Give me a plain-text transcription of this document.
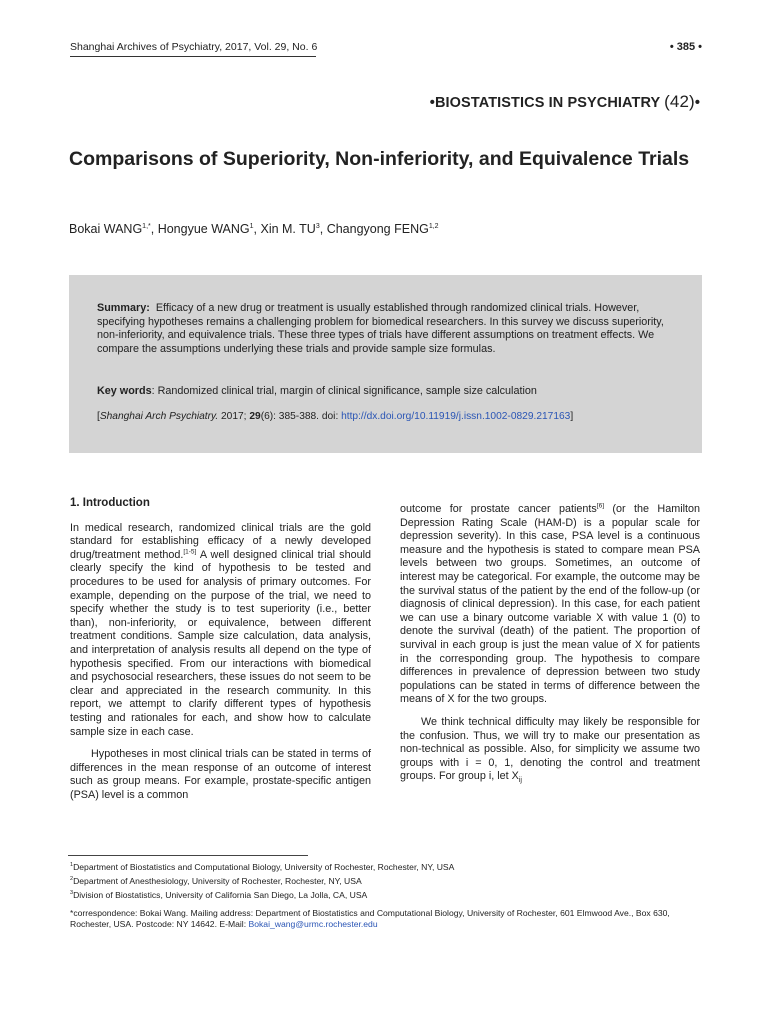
Shanghai Archives of Psychiatry, 2017, Vol. 29, No. 6	• 385 •
•BIOSTATISTICS IN PSYCHIATRY (42)•
Comparisons of Superiority, Non-inferiority, and Equivalence Trials
Bokai $WANG^{1,*}$, Hongyue WANG$^1$, Xin M. $TU^3$, Changyong FENG$^{1,2}$
Summary: Efficacy of a new drug or treatment is usually established through randomized clinical trials. However, specifying hypotheses remains a challenging problem for biomedical researchers. In this survey we discuss superiority, non-inferiority, and equivalence trials. These three types of trials have different assumptions on treatment effects. We compare the assumptions underlying these trials and provide sample size formulas.
Key words: Randomized clinical trial, margin of clinical significance, sample size calculation
[Shanghai Arch Psychiatry. 2017; 29(6): 385-388. doi: http://dx.doi.org/10.11919/j.issn.1002-0829.217163]
1. Introduction

In medical research, randomized clinical trials are the gold standard for establishing efficacy of a newly developed drug/treatment method.[1-5] A well designed clinical trial should clearly specify the kind of hypothesis to be tested and procedures to be used for analysis of primary outcomes. For example, depending on the purpose of the trial, we need to specify whether the study is to test superiority (i.e., better than), non-inferiority, or equivalence, between different treatment conditions. Sample size calculation, data analysis, and interpretation of analysis results all depend on the type of hypothesis specified. From our interactions with biomedical and psychosocial researchers, these issues do not seem to be clear and appreciated in the research community. In this report, we attempt to clarify different types of hypothesis testing and rationales for each, and show how to calculate sample size in each case.

Hypotheses in most clinical trials can be stated in terms of differences in the mean response of an outcome of interest such as group means. For example, prostate-specific antigen (PSA) level is a common

outcome for prostate cancer patients[6] (or the Hamilton Depression Rating Scale (HAM-D) is a popular scale for depression severity). In this case, PSA level is a continuous measure and the hypothesis is stated to compare mean PSA levels between two groups. Sometimes, an outcome of interest may be categorical. For example, the outcome may be the survival status of the patient by the end of the follow-up (or diagnosis of clinical depression). In this case, for each patient we can use a binary outcome variable X with value 1 (0) to denote the survival (death) of the patient. The proportion of survival in each group is just the mean value of X for patients in the corresponding group. The hypothesis to compare differences in prevalence of depression between two study populations can be stated in terms of difference between the means of X for the two groups.

We think technical difficulty may likely be responsible for the confusion. Thus, we will try to make our presentation as non-technical as possible. Also, for simplicity we assume two groups with i = 0, 1, denoting the control and treatment groups. For group i, let $X_{ij}$

$^1$Department of Biostatistics and Computational Biology, University of Rochester, Rochester, NY, USA
$^2$Department of Anesthesiology, University of Rochester, Rochester, NY, USA
$^3$Division of Biostatistics, University of California San Diego, La Jolla, CA, USA
*correspondence: Bokai Wang. Mailing address: Department of Biostatistics and Computational Biology, University of Rochester, 601 Elmwood Ave., Box 630, Rochester, USA. Postcode: NY 14642. E-Mail: Bokai_wang@urmc.rochester.edu
